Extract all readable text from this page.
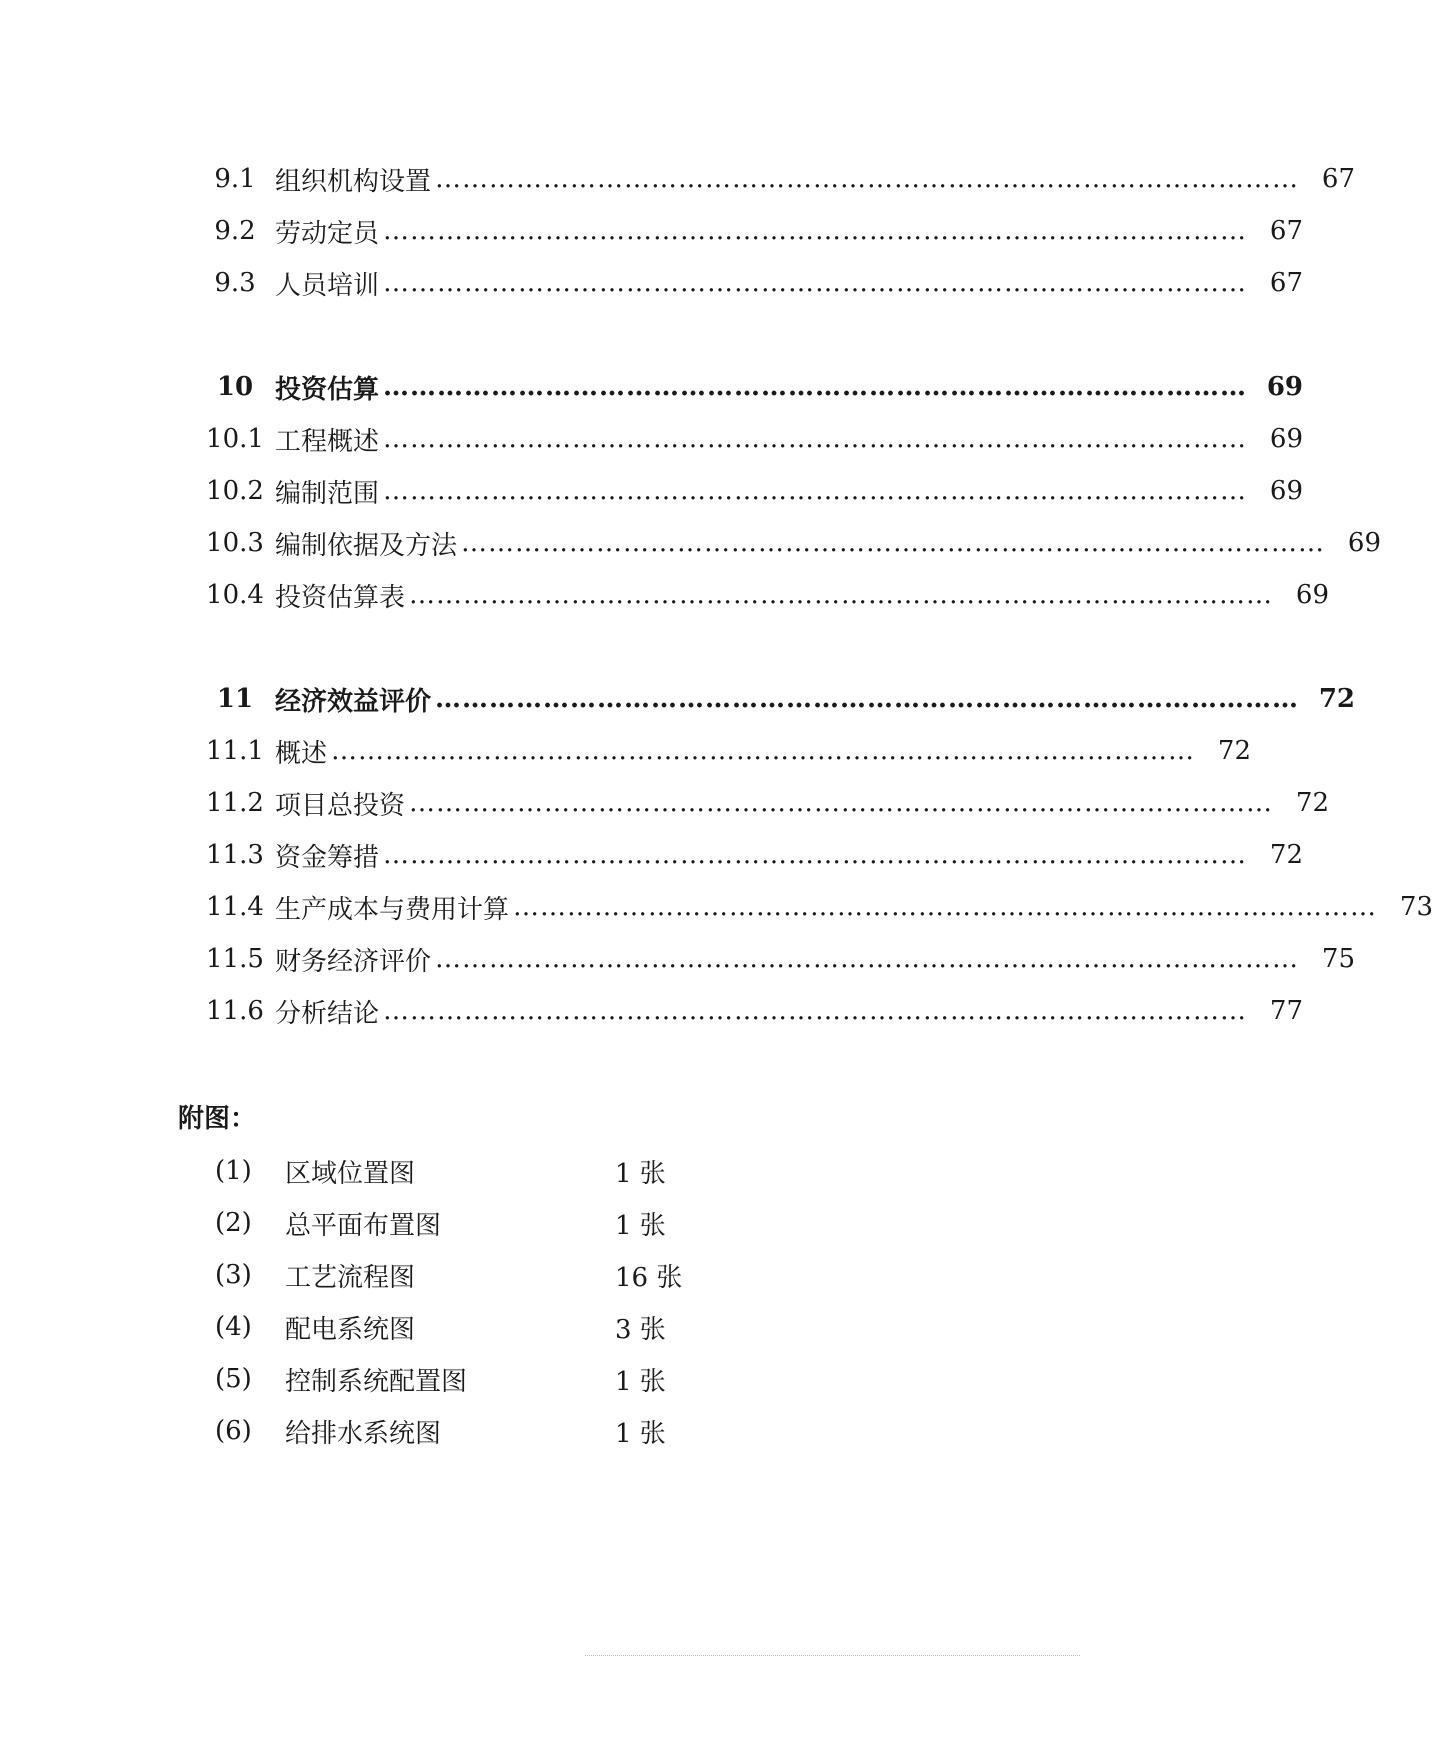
9.1 组织机构设置 …………………………………………………………………………………… 67
9.2 劳动定员 …………………………………………………………………………………… 67
9.3 人员培训 …………………………………………………………………………………… 67
10 投资估算 …………………………………………………………………………………… 69
10.1 工程概述 …………………………………………………………………………………… 69
10.2 编制范围 …………………………………………………………………………………… 69
10.3 编制依据及方法 …………………………………………………………………………………… 69
10.4 投资估算表 …………………………………………………………………………………… 69
11 经济效益评价 …………………………………………………………………………………… 72
11.1 概述 …………………………………………………………………………………… 72
11.2 项目总投资 …………………………………………………………………………………… 72
11.3 资金筹措 …………………………………………………………………………………… 72
11.4 生产成本与费用计算 …………………………………………………………………………………… 73
11.5 财务经济评价 …………………………………………………………………………………… 75
11.6 分析结论 …………………………………………………………………………………… 77
附图：
(1)	区域位置图	1 张
(2)	总平面布置图	1 张
(3)	工艺流程图	16 张
(4)	配电系统图	3 张
(5)	控制系统配置图	1 张
(6)	给排水系统图	1 张
